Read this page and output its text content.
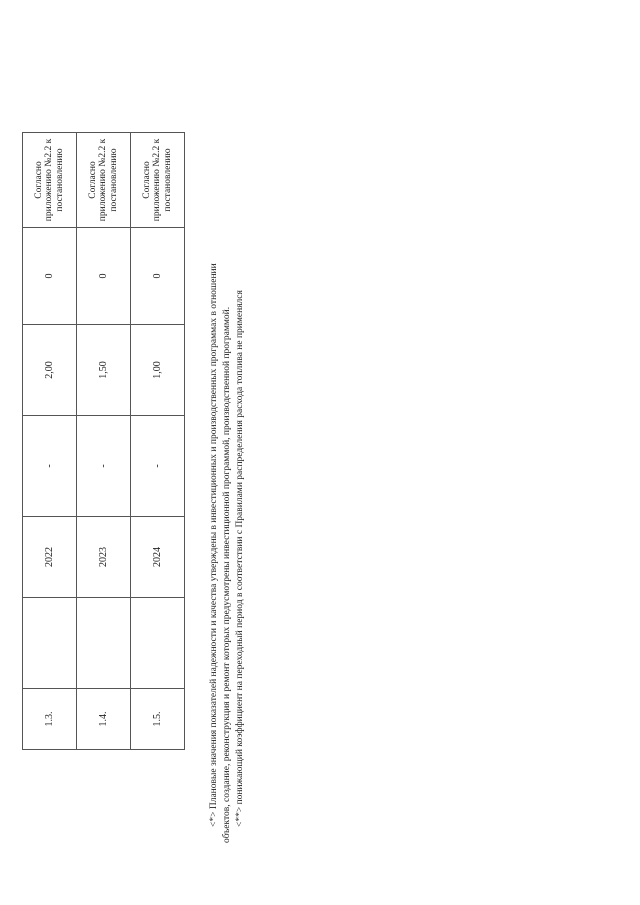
1.3.		2022	-	2,00	0	Согласно приложению №2.2 к постановлению
1.4.		2023	-	1,50	0	Согласно приложению №2.2 к постановлению
1.5.		2024	-	1,00	0	Согласно приложению №2.2 к постановлению

<*> Плановые значения показателей надежности и качества утверждены в инвестиционных и производственных программах в отношении объектов, создание, реконструкция и ремонт которых предусмотрены инвестиционной программой, производственной программой. <**> понижающий коэффициент на переходный период в соответствии с Правилами распределения расхода топлива не применялся
